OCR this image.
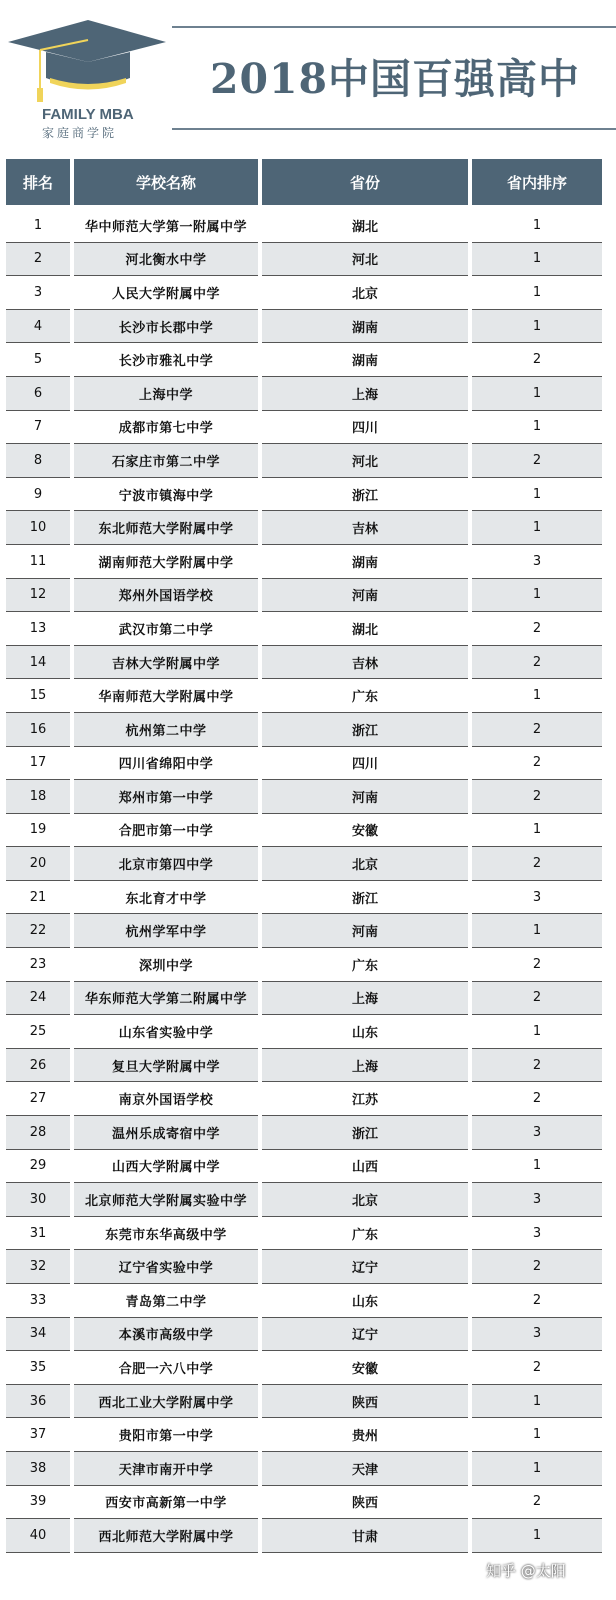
FAMILY MBA
家庭商学院
2018中国百强高中
排名	学校名称	省份	省内排序
1	华中师范大学第一附属中学	湖北	1
2	河北衡水中学	河北	1
3	人民大学附属中学	北京	1
4	长沙市长郡中学	湖南	1
5	长沙市雅礼中学	湖南	2
6	上海中学	上海	1
7	成都市第七中学	四川	1
8	石家庄市第二中学	河北	2
9	宁波市镇海中学	浙江	1
10	东北师范大学附属中学	吉林	1
11	湖南师范大学附属中学	湖南	3
12	郑州外国语学校	河南	1
13	武汉市第二中学	湖北	2
14	吉林大学附属中学	吉林	2
15	华南师范大学附属中学	广东	1
16	杭州第二中学	浙江	2
17	四川省绵阳中学	四川	2
18	郑州市第一中学	河南	2
19	合肥市第一中学	安徽	1
20	北京市第四中学	北京	2
21	东北育才中学	浙江	3
22	杭州学军中学	河南	1
23	深圳中学	广东	2
24	华东师范大学第二附属中学	上海	2
25	山东省实验中学	山东	1
26	复旦大学附属中学	上海	2
27	南京外国语学校	江苏	2
28	温州乐成寄宿中学	浙江	3
29	山西大学附属中学	山西	1
30	北京师范大学附属实验中学	北京	3
31	东莞市东华高级中学	广东	3
32	辽宁省实验中学	辽宁	2
33	青岛第二中学	山东	2
34	本溪市高级中学	辽宁	3
35	合肥一六八中学	安徽	2
36	西北工业大学附属中学	陕西	1
37	贵阳市第一中学	贵州	1
38	天津市南开中学	天津	1
39	西安市高新第一中学	陕西	2
40	西北师范大学附属中学	甘肃	1
知乎 @太阳
